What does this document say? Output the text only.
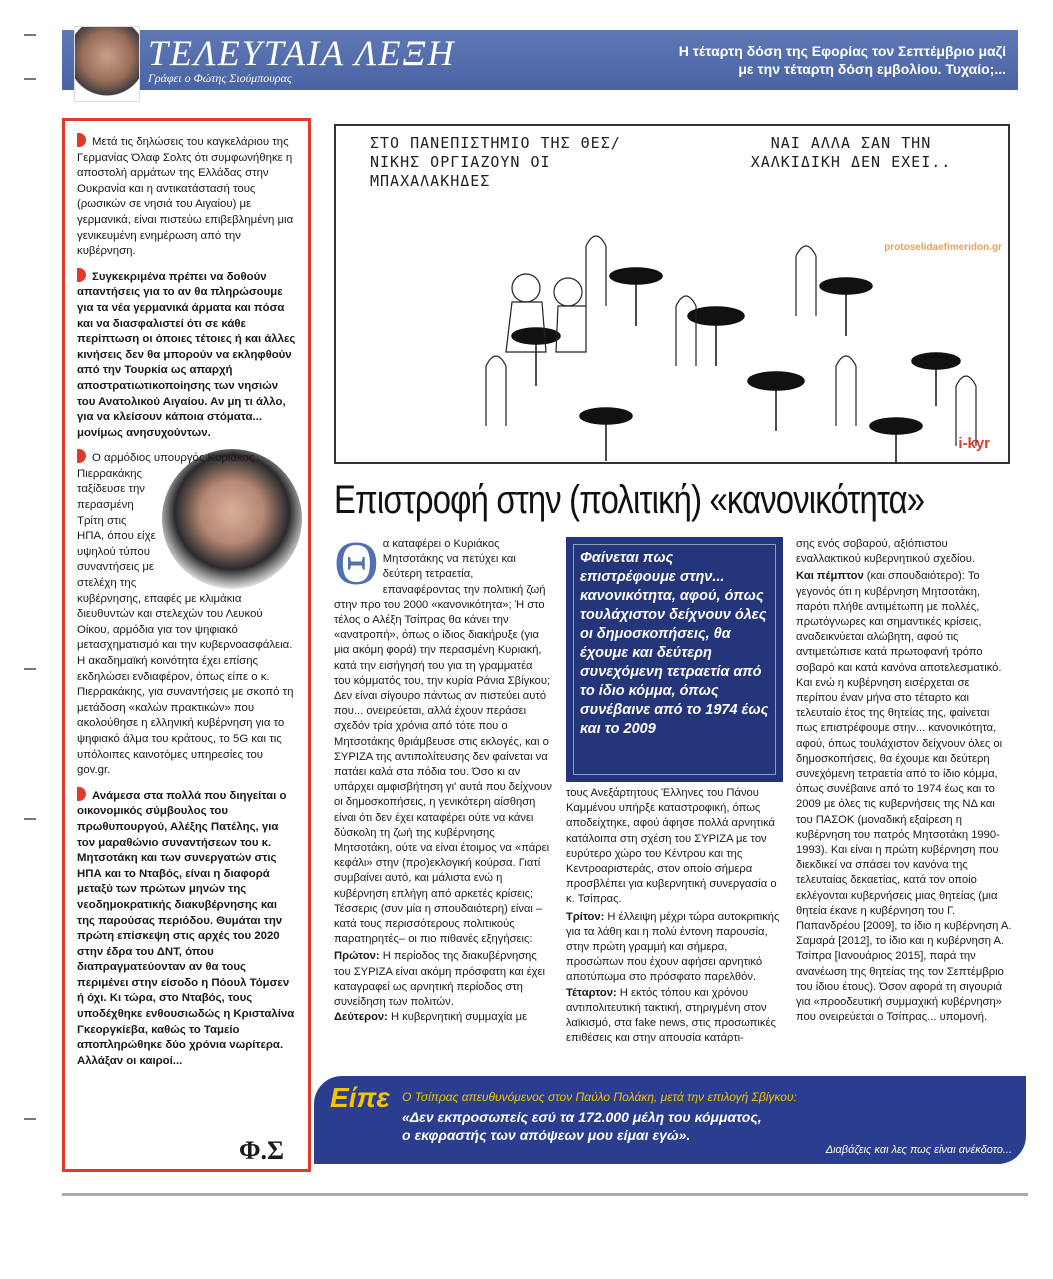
ΤΕΛΕΥΤΑΙΑ ΛΕΞΗ
Γράφει ο Φώτης Σιούμπουρας
Η τέταρτη δόση της Εφορίας τον Σεπτέμβριο μαζί
με την τέταρτη δόση εμβολίου. Τυχαίο;...

Μετά τις δηλώσεις του καγκελάριου της Γερμανίας Όλαφ Σολτς ότι συμφωνήθηκε η αποστολή αρμάτων της Ελλάδας στην Ουκρανία και η αντικατάστασή τους (ρωσικών σε νησιά του Αιγαίου) με γερμανικά, είναι πιστεύω επιβεβλημένη μια γενικευμένη ενημέρωση από την κυβέρνηση.

Συγκεκριμένα πρέπει να δοθούν απαντήσεις για το αν θα πληρώσουμε για τα νέα γερμανικά άρματα και πόσα και να διασφαλιστεί ότι σε κάθε περίπτωση οι όποιες τέτοιες ή και άλλες κινήσεις δεν θα μπορούν να εκληφθούν από την Τουρκία ως απαρχή αποστρατιωτικοποίησης των νησιών του Ανατολικού Αιγαίου. Αν μη τι άλλο, για να κλείσουν κάποια στόματα... μονίμως ανησυχούντων.

Ο αρμόδιος υπουργός Κυριάκος Πιερρακάκης ταξίδευσε την περασμένη Τρίτη στις ΗΠΑ, όπου είχε υψηλού τύπου συναντήσεις με στελέχη της κυβέρνησης, επαφές με κλιμάκια διευθυντών και στελεχών του Λευκού Οίκου, αρμόδια για τον ψηφιακό μετασχηματισμό και την κυβερνοασφάλεια. Η ακαδημαϊκή κοινότητα έχει επίσης εκδηλώσει ενδιαφέρον, όπως είπε ο κ. Πιερρακάκης, για συναντήσεις με σκοπό τη μετάδοση «καλών πρακτικών» που ακολούθησε η ελληνική κυβέρνηση για το ψηφιακό άλμα του κράτους, το 5G και τις υπόλοιπες καινοτόμες υπηρεσίες του gov.gr.

Ανάμεσα στα πολλά που διηγείται ο οικονομικός σύμβουλος του πρωθυπουργού, Αλέξης Πατέλης, για τον μαραθώνιο συναντήσεων του κ. Μητσοτάκη και των συνεργατών στις ΗΠΑ και το Νταβός, είναι η διαφορά μεταξύ των πρώτων μηνών της νεοδημοκρατικής διακυβέρνησης και της παρούσας περιόδου. Θυμάται την πρώτη επίσκεψη στις αρχές του 2020 στην έδρα του ΔΝΤ, όπου διαπραγματεύονταν αν θα τους περιμένει στην είσοδο η Πόουλ Τόμσεν ή όχι. Κι τώρα, στο Νταβός, τους υποδέχθηκε ενθουσιωδώς η Κρισταλίνα Γκεοργκίεβα, καθώς το Ταμείο αποπληρώθηκε δύο χρόνια νωρίτερα. Αλλάξαν οι καιροί...

Φ.Σ
ΣΤΟ ΠΑΝΕΠΙΣΤΗΜΙΟ ΤΗΣ ΘΕΣ/ΝΙΚΗΣ ΟΡΓΙΑΖΟΥΝ ΟΙ ΜΠΑΧΑΛΑΚΗΔΕΣ
ΝΑΙ ΑΛΛΑ ΣΑΝ ΤΗΝ ΧΑΛΚΙΔΙΚΗ ΔΕΝ ΕΧΕΙ..
protoselidaefimeridon.gr
i-kyr
Επιστροφή στην (πολιτική) «κανονικότητα»
Θ α καταφέρει ο Κυριάκος Μητσοτάκης να πετύχει και δεύτερη τετραετία, επαναφέροντας την πολιτική ζωή στην προ του 2000 «κανονικότητα»; Ή στο τέλος ο Αλέξη Τσίπρας θα κάνει την «ανατροπή», όπως ο ίδιος διακήρυξε (για μια ακόμη φορά) την περασμένη Κυριακή, κατά την εισήγησή του για τη γραμματέα του κόμματός του, την κυρία Ράνια Σβίγκου; Δεν είναι σίγουρο πάντως αν πιστεύει αυτό που... ονειρεύεται, αλλά έχουν περάσει σχεδόν τρία χρόνια από τότε που ο Μητσοτάκης θριάμβευσε στις εκλογές, και ο ΣΥΡΙΖΑ της αντιπολίτευσης δεν φαίνεται να πατάει καλά στα πόδια του. Όσο κι αν υπάρχει αμφισβήτηση γι' αυτά που δείχνουν οι δημοσκοπήσεις, η γενικότερη αίσθηση είναι ότι δεν έχει καταφέρει ούτε να κάνει δύσκολη τη ζωή της κυβέρνησης Μητσοτάκη, ούτε να είναι έτοιμος να «πάρει κεφάλι» στην (προ)εκλογική κούρσα. Γιατί συμβαίνει αυτό, και μάλιστα ενώ η κυβέρνηση επλήγη από αρκετές κρίσεις; Τέσσερις (συν μία η σπουδαιότερη) είναι –κατά τους περισσότερους πολιτικούς παρατηρητές– οι πιο πιθανές εξηγήσεις:
Πρώτον: Η περίοδος της διακυβέρνησης του ΣΥΡΙΖΑ είναι ακόμη πρόσφατη και έχει καταγραφεί ως αρνητική περίοδος στη συνείδηση των πολιτών.
Δεύτερον: Η κυβερνητική συμμαχία με
Φαίνεται πως επιστρέφουμε στην... κανονικότητα, αφού, όπως τουλάχιστον δείχνουν όλες οι δημοσκοπήσεις, θα έχουμε και δεύτερη συνεχόμενη τετραετία από το ίδιο κόμμα, όπως συνέβαινε από το 1974 έως και το 2009
τους Ανεξάρτητους Έλληνες του Πάνου Καμμένου υπήρξε καταστροφική, όπως αποδείχτηκε, αφού άφησε πολλά αρνητικά κατάλοιπα στη σχέση του ΣΥΡΙΖΑ με τον ευρύτερο χώρο του Κέντρου και της Κεντροαριστεράς, στον οποίο σήμερα προσβλέπει για κυβερνητική συνεργασία ο κ. Τσίπρας.
Τρίτον: Η έλλειψη μέχρι τώρα αυτοκριτικής για τα λάθη και η πολύ έντονη παρουσία, στην πρώτη γραμμή και σήμερα, προσώπων που έχουν αφήσει αρνητικό αποτύπωμα στο πρόσφατο παρελθόν.
Τέταρτον: Η εκτός τόπου και χρόνου αντιπολιτευτική τακτική, στηριγμένη στον λαϊκισμό, στα fake news, στις προσωπικές επιθέσεις και στην απουσία κατάρτι-
σης ενός σοβαρού, αξιόπιστου εναλλακτικού κυβερνητικού σχεδίου.
Και πέμπτον (και σπουδαιότερο): Το γεγονός ότι η κυβέρνηση Μητσοτάκη, παρότι πλήθε αντιμέτωπη με πολλές, πρωτόγνωρες και σημαντικές κρίσεις, αναδεικνύεται αλώβητη, αφού τις αντιμετώπισε κατά πρωτοφανή τρόπο σοβαρό και κατά κανόνα αποτελεσματικό. Και ενώ η κυβέρνηση εισέρχεται σε περίπου έναν μήνα στο τέταρτο και τελευταίο έτος της θητείας της, φαίνεται πως επιστρέφουμε στην... κανονικότητα, αφού, όπως τουλάχιστον δείχνουν όλες οι δημοσκοπήσεις, θα έχουμε και δεύτερη συνεχόμενη τετραετία από το ίδιο κόμμα, όπως συνέβαινε από το 1974 έως και το 2009 με όλες τις κυβερνήσεις της ΝΔ και του ΠΑΣΟΚ (μοναδική εξαίρεση η κυβέρνηση του πατρός Μητσοτάκη 1990-1993). Και είναι η πρώτη κυβέρνηση που διεκδικεί να σπάσει τον κανόνα της τελευταίας δεκαετίας, κατά τον οποίο εκλέγονται κυβερνήσεις μιας θητείας (μια θητεία έκανε η κυβέρνηση του Γ. Παπανδρέου [2009], το ίδιο η κυβέρνηση Α. Σαμαρά [2012], το ίδιο και η κυβέρνηση Α. Τσίπρα [Ιανουάριος 2015], παρά την ανανέωση της θητείας της τον Σεπτέμβριο του ίδιου έτους). Όσον αφορά τη σιγουριά για «προοδευτική συμμαχική κυβέρνηση» που ονειρεύεται ο Τσίπρας... υπομονή.
Είπε Ο Τσίπρας απευθυνόμενος στον Παύλο Πολάκη, μετά την επιλογή Σβίγκου:
«Δεν εκπροσωπείς εσύ τα 172.000 μέλη του κόμματος,
ο εκφραστής των απόψεων μου είμαι εγώ».
Διαβάζεις και λες πως είναι ανέκδοτο...
